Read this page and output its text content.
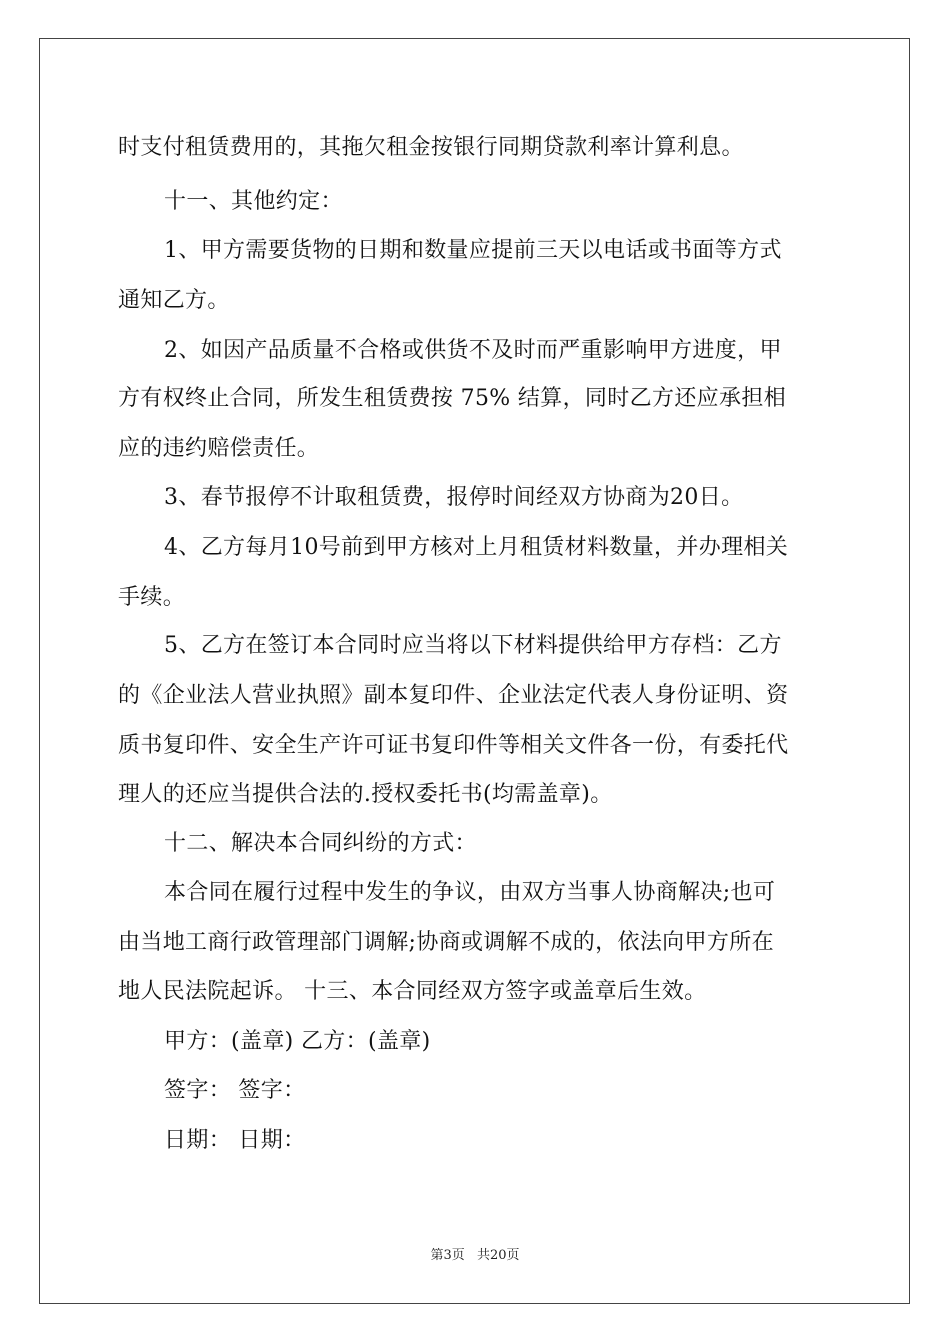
时支付租赁费用的，其拖欠租金按银行同期贷款利率计算利息。
十一、其他约定：
1、甲方需要货物的日期和数量应提前三天以电话或书面等方式
通知乙方。
2、如因产品质量不合格或供货不及时而严重影响甲方进度，甲
方有权终止合同，所发生租赁费按 75% 结算，同时乙方还应承担相
应的违约赔偿责任。
3、春节报停不计取租赁费，报停时间经双方协商为20日。
4、乙方每月10号前到甲方核对上月租赁材料数量，并办理相关
手续。
5、乙方在签订本合同时应当将以下材料提供给甲方存档：乙方
的《企业法人营业执照》副本复印件、企业法定代表人身份证明、资
质书复印件、安全生产许可证书复印件等相关文件各一份，有委托代
理人的还应当提供合法的.授权委托书(均需盖章)。
十二、解决本合同纠纷的方式：
本合同在履行过程中发生的争议，由双方当事人协商解决;也可
由当地工商行政管理部门调解;协商或调解不成的，依法向甲方所在
地人民法院起诉。 十三、本合同经双方签字或盖章后生效。
甲方：(盖章) 乙方：(盖章)
签字： 签字：
日期： 日期：
第3页 共20页
